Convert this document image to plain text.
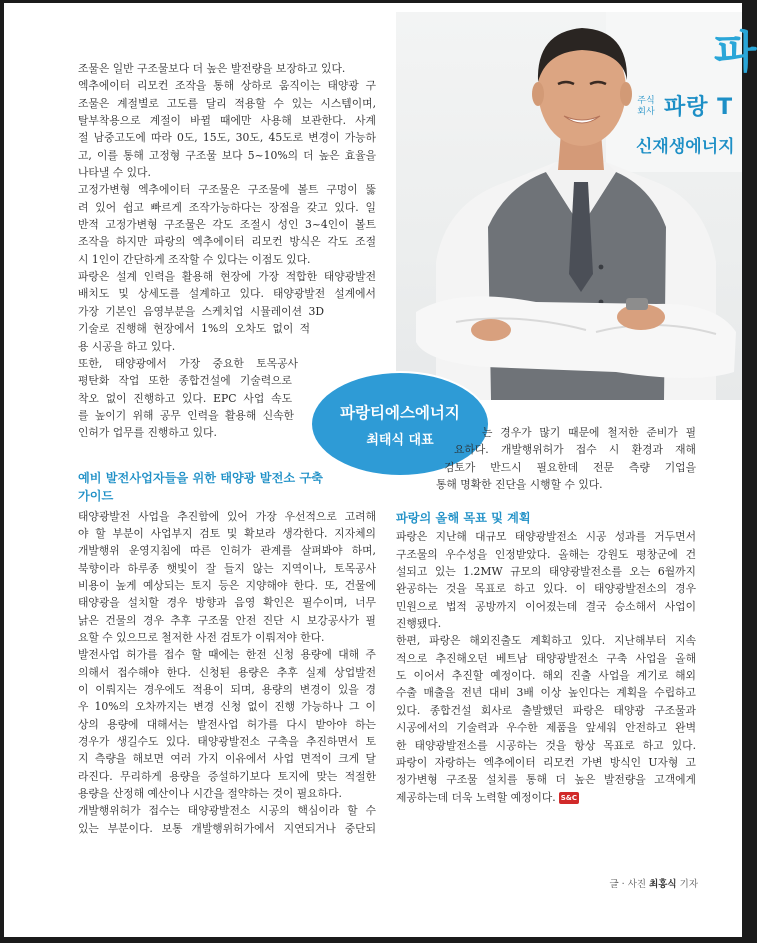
파
주식
회사 파랑 T
신재생에너지

조물은 일반 구조물보다 더 높은 발전량을 보장하고 있다.

엑추에이터 리모컨 조작을 통해 상하로 움직이는 태양광 구

조물은 계절별로 고도를 달리 적용할 수 있는 시스템이며,

탈부착용으로 계절이 바뀔 때에만 사용해 보관한다. 사계

절 남중고도에 따라 0도, 15도, 30도, 45도로 변경이 가능하

고, 이를 통해 고정형 구조물 보다 5~10%의 더 높은 효율을

나타낼 수 있다.

고정가변형 엑추에이터 구조물은 구조물에 볼트 구멍이 뚫

려 있어 쉽고 빠르게 조작가능하다는 장점을 갖고 있다. 일

반적 고정가변형 구조물은 각도 조절시 성인 3~4인이 볼트

조작을 하지만 파랑의 엑추에이터 리모컨 방식은 각도 조절

시 1인이 간단하게 조작할 수 있다는 이점도 있다.

파랑은 설계 인력을 활용해 현장에 가장 적합한 태양광발전

배치도 및 상세도를 설계하고 있다. 태양광발전 설계에서

가장 기본인 음영부분을 스케치업 시뮬레이션 3D

기술로 진행해 현장에서 1%의 오차도 없이 적

용 시공을 하고 있다.

또한, 태양광에서 가장 중요한 토목공사

평탄화 작업 또한 종합건설에 기술력으로

착오 없이 진행하고 있다. EPC 사업 속도

를 높이기 위해 공무 인력을 활용해 신속한

인허가 업무를 진행하고 있다.

예비 발전사업자들을 위한 태양광 발전소 구축
가이드

태양광발전 사업을 추진함에 있어 가장 우선적으로 고려해

야 할 부분이 사업부지 검토 및 확보라 생각한다. 지자체의

개발행위 운영지침에 따른 인허가 관계를 살펴봐야 하며,

북향이라 하루종 햇빛이 잘 들지 않는 지역이나, 토목공사

비용이 높게 예상되는 토지 등은 지양해야 한다. 또, 건물에

태양광을 설치할 경우 방향과 음영 확인은 필수이며, 너무

낡은 건물의 경우 추후 구조물 안전 진단 시 보강공사가 필

요할 수 있으므로 철저한 사전 검토가 이뤄져야 한다.

발전사업 허가를 접수 할 때에는 한전 신청 용량에 대해 주

의해서 접수해야 한다. 신청된 용량은 추후 실제 상업발전

이 이뤄지는 경우에도 적용이 되며, 용량의 변경이 있을 경

우 10%의 오차까지는 변경 신청 없이 진행 가능하나 그 이

상의 용량에 대해서는 발전사업 허가를 다시 받아야 하는

경우가 생길수도 있다. 태양광발전소 구축을 추진하면서 토

지 측량을 해보면 여러 가지 이유에서 사업 면적이 크게 달

라진다. 무리하게 용량을 증설하기보다 토지에 맞는 적절한

용량을 산정해 예산이나 시간을 절약하는 것이 필요하다.

개발행위허가 접수는 태양광발전소 시공의 핵심이라 할 수

있는 부분이다. 보통 개발행위허가에서 지연되거나 중단되

파랑티에스에너지
최태식 대표

는 경우가 많기 때문에 철저한 준비가 필

요하다. 개발행위허가 접수 시 환경과 재해

검토가 반드시 필요한데 전문 측량 기업을

통해 명확한 진단을 시행할 수 있다.

파랑의 올해 목표 및 계획

파랑은 지난해 대규모 태양광발전소 시공 성과를 거두면서

구조물의 우수성을 인정받았다. 올해는 강원도 평창군에 건

설되고 있는 1.2MW 규모의 태양광발전소를 오는 6월까지

완공하는 것을 목표로 하고 있다. 이 태양광발전소의 경우

민원으로 법적 공방까지 이어졌는데 결국 승소해서 사업이

진행됐다.

한편, 파랑은 해외진출도 계획하고 있다. 지난해부터 지속

적으로 추진해오던 베트남 태양광발전소 구축 사업을 올해

도 이어서 추진할 예정이다. 해외 진출 사업을 계기로 해외

수출 매출을 전년 대비 3배 이상 높인다는 계획을 수립하고

있다. 종합건설 회사로 출발했던 파랑은 태양광 구조물과

시공에서의 기술력과 우수한 제품을 앞세워 안전하고 완벽

한 태양광발전소를 시공하는 것을 항상 목표로 하고 있다.

파랑이 자랑하는 엑추에이터 리모컨 가변 방식인 U자형 고

정가변형 구조물 설치를 통해 더 높은 발전량을 고객에게

제공하는데 더욱 노력할 예정이다. S&C

글 · 사진 최홍식 기자
